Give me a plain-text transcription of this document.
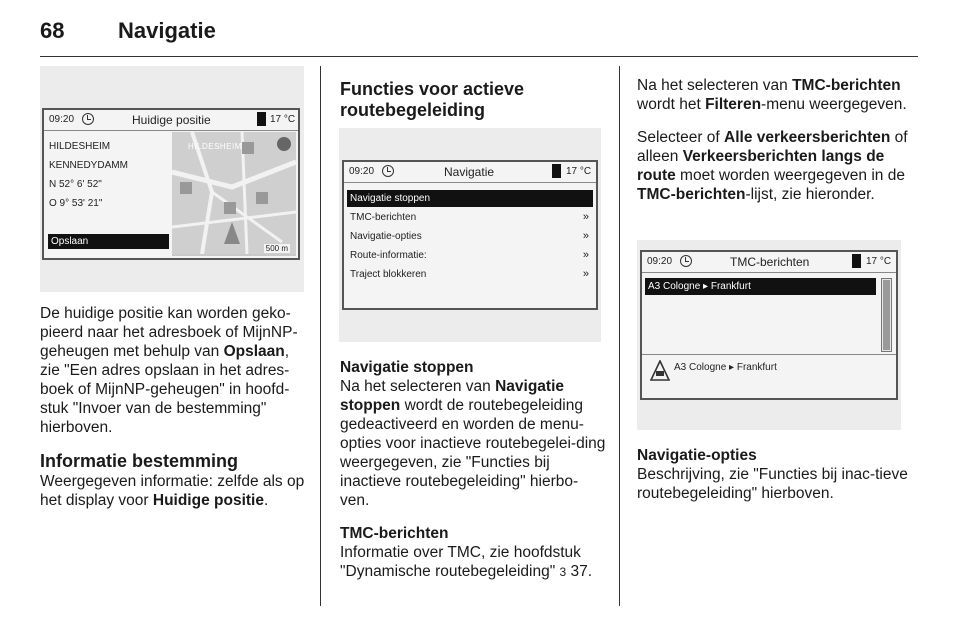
68 Navigatie
09:20	Huidige positie	17 °C
HILDESHEIM
KENNEDYDAMM
N 52° 6' 52"
O 9° 53' 21"
Opslaan
HILDESHEIM
500 m

De huidige positie kan worden geko-pieerd naar het adresboek of MijnNP-geheugen met behulp van Opslaan, zie "Een adres opslaan in het adres-boek of MijnNP-geheugen" in hoofd-stuk "Invoer van de bestemming" hierboven.

Informatie bestemming

Weergegeven informatie: zelfde als op het display voor Huidige positie.

Functies voor actieve routebegeleiding
09:20	Navigatie	17 °C
Navigatie stoppen
TMC-berichten	»
Navigatie-opties	»
Route-informatie:	»
Traject blokkeren	»
Navigatie stoppen

Na het selecteren van Navigatie stoppen wordt de routebegeleiding gedeactiveerd en worden de menu-opties voor inactieve routebegelei-ding weergegeven, zie "Functies bij inactieve routebegeleiding" hierbo-ven.

TMC-berichten

Informatie over TMC, zie hoofdstuk "Dynamische routebegeleiding" 3 37.

Na het selecteren van TMC-berichten wordt het Filteren-menu weergegeven.

Selecteer of Alle verkeersberichten of alleen Verkeersberichten langs de route moet worden weergegeven in de TMC-berichten-lijst, zie hieronder.

09:20	TMC-berichten	17 °C
A3 Cologne ▸ Frankfurt
A3 Cologne ▸ Frankfurt
Navigatie-opties

Beschrijving, zie "Functies bij inac-tieve routebegeleiding" hierboven.
